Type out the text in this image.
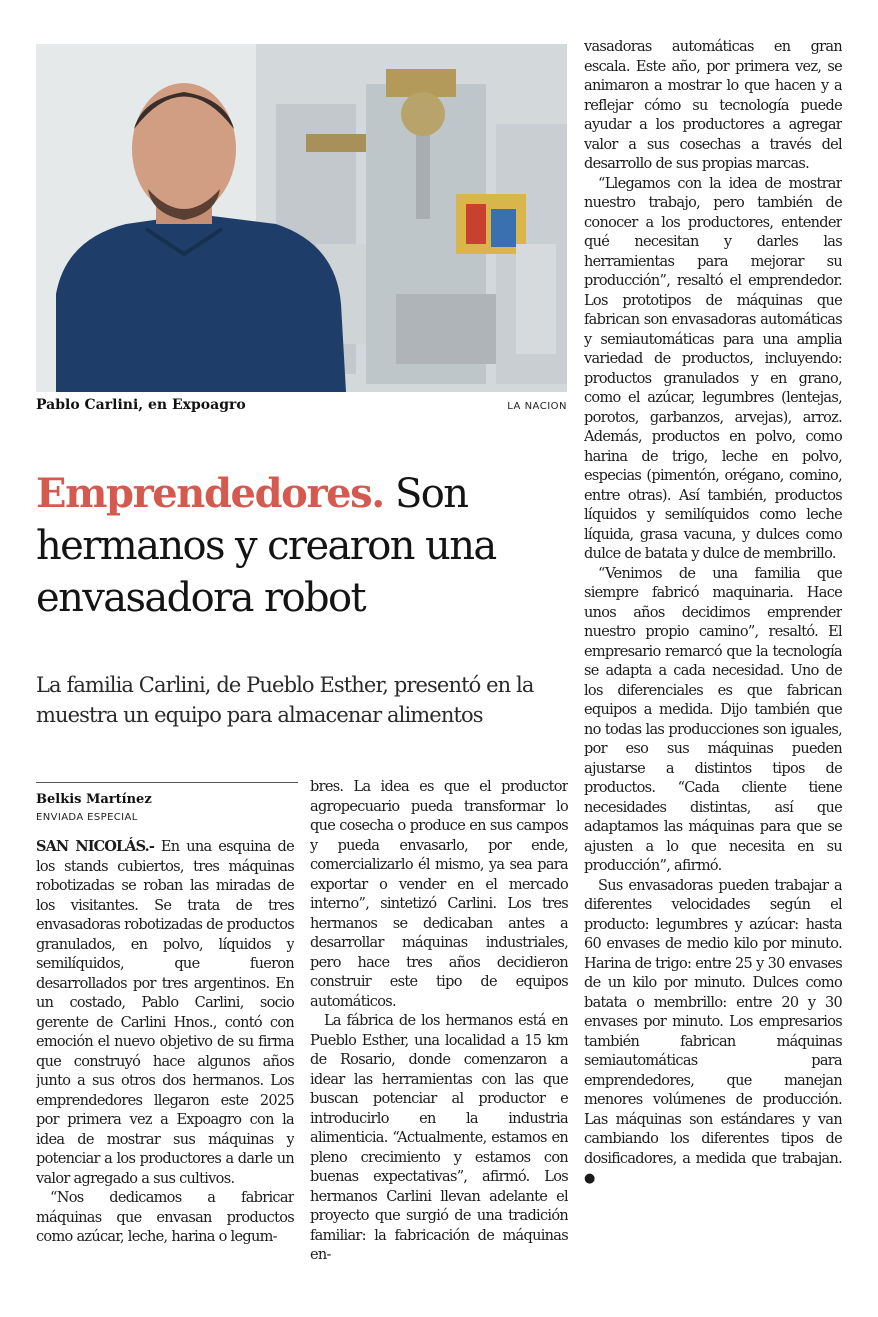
Pablo Carlini, en Expoagro	LA NACION
Emprendedores. Son hermanos y crearon una envasadora robot

La familia Carlini, de Pueblo Esther, presentó en la muestra un equipo para almacenar alimentos

Belkis Martínez
ENVIADA ESPECIAL

SAN NICOLÁS.- En una esquina de los stands cubiertos, tres máquinas robotizadas se roban las miradas de los visitantes. Se trata de tres envasadoras robotizadas de productos granulados, en polvo, líquidos y semilíquidos, que fueron desarrollados por tres argentinos. En un costado, Pablo Carlini, socio gerente de Carlini Hnos., contó con emoción el nuevo objetivo de su firma que construyó hace algunos años junto a sus otros dos hermanos. Los emprendedores llegaron este 2025 por primera vez a Expoagro con la idea de mostrar sus máquinas y potenciar a los productores a darle un valor agregado a sus cultivos.

“Nos dedicamos a fabricar máquinas que envasan productos como azúcar, leche, harina o legum-

bres. La idea es que el productor agropecuario pueda transformar lo que cosecha o produce en sus campos y pueda envasarlo, por ende, comercializarlo él mismo, ya sea para exportar o vender en el mercado interno”, sintetizó Carlini. Los tres hermanos se dedicaban antes a desarrollar máquinas industriales, pero hace tres años decidieron construir este tipo de equipos automáticos.

La fábrica de los hermanos está en Pueblo Esther, una localidad a 15 km de Rosario, donde comenzaron a idear las herramientas con las que buscan potenciar al productor e introducirlo en la industria alimenticia. “Actualmente, estamos en pleno crecimiento y estamos con buenas expectativas”, afirmó. Los hermanos Carlini llevan adelante el proyecto que surgió de una tradición familiar: la fabricación de máquinas en-

vasadoras automáticas en gran escala. Este año, por primera vez, se animaron a mostrar lo que hacen y a reflejar cómo su tecnología puede ayudar a los productores a agregar valor a sus cosechas a través del desarrollo de sus propias marcas.

“Llegamos con la idea de mostrar nuestro trabajo, pero también de conocer a los productores, entender qué necesitan y darles las herramientas para mejorar su producción”, resaltó el emprendedor. Los prototipos de máquinas que fabrican son envasadoras automáticas y semiautomáticas para una amplia variedad de productos, incluyendo: productos granulados y en grano, como el azúcar, legumbres (lentejas, porotos, garbanzos, arvejas), arroz. Además, productos en polvo, como harina de trigo, leche en polvo, especias (pimentón, orégano, comino, entre otras). Así también, productos líquidos y semilíquidos como leche líquida, grasa vacuna, y dulces como dulce de batata y dulce de membrillo.

“Venimos de una familia que siempre fabricó maquinaria. Hace unos años decidimos emprender nuestro propio camino”, resaltó. El empresario remarcó que la tecnología se adapta a cada necesidad. Uno de los diferenciales es que fabrican equipos a medida. Dijo también que no todas las producciones son iguales, por eso sus máquinas pueden ajustarse a distintos tipos de productos. “Cada cliente tiene necesidades distintas, así que adaptamos las máquinas para que se ajusten a lo que necesita en su producción”, afirmó.

Sus envasadoras pueden trabajar a diferentes velocidades según el producto: legumbres y azúcar: hasta 60 envases de medio kilo por minuto. Harina de trigo: entre 25 y 30 envases de un kilo por minuto. Dulces como batata o membrillo: entre 20 y 30 envases por minuto. Los empresarios también fabrican máquinas semiautomáticas para emprendedores, que manejan menores volúmenes de producción. Las máquinas son estándares y van cambiando los diferentes tipos de dosificadores, a medida que trabajan. ●
